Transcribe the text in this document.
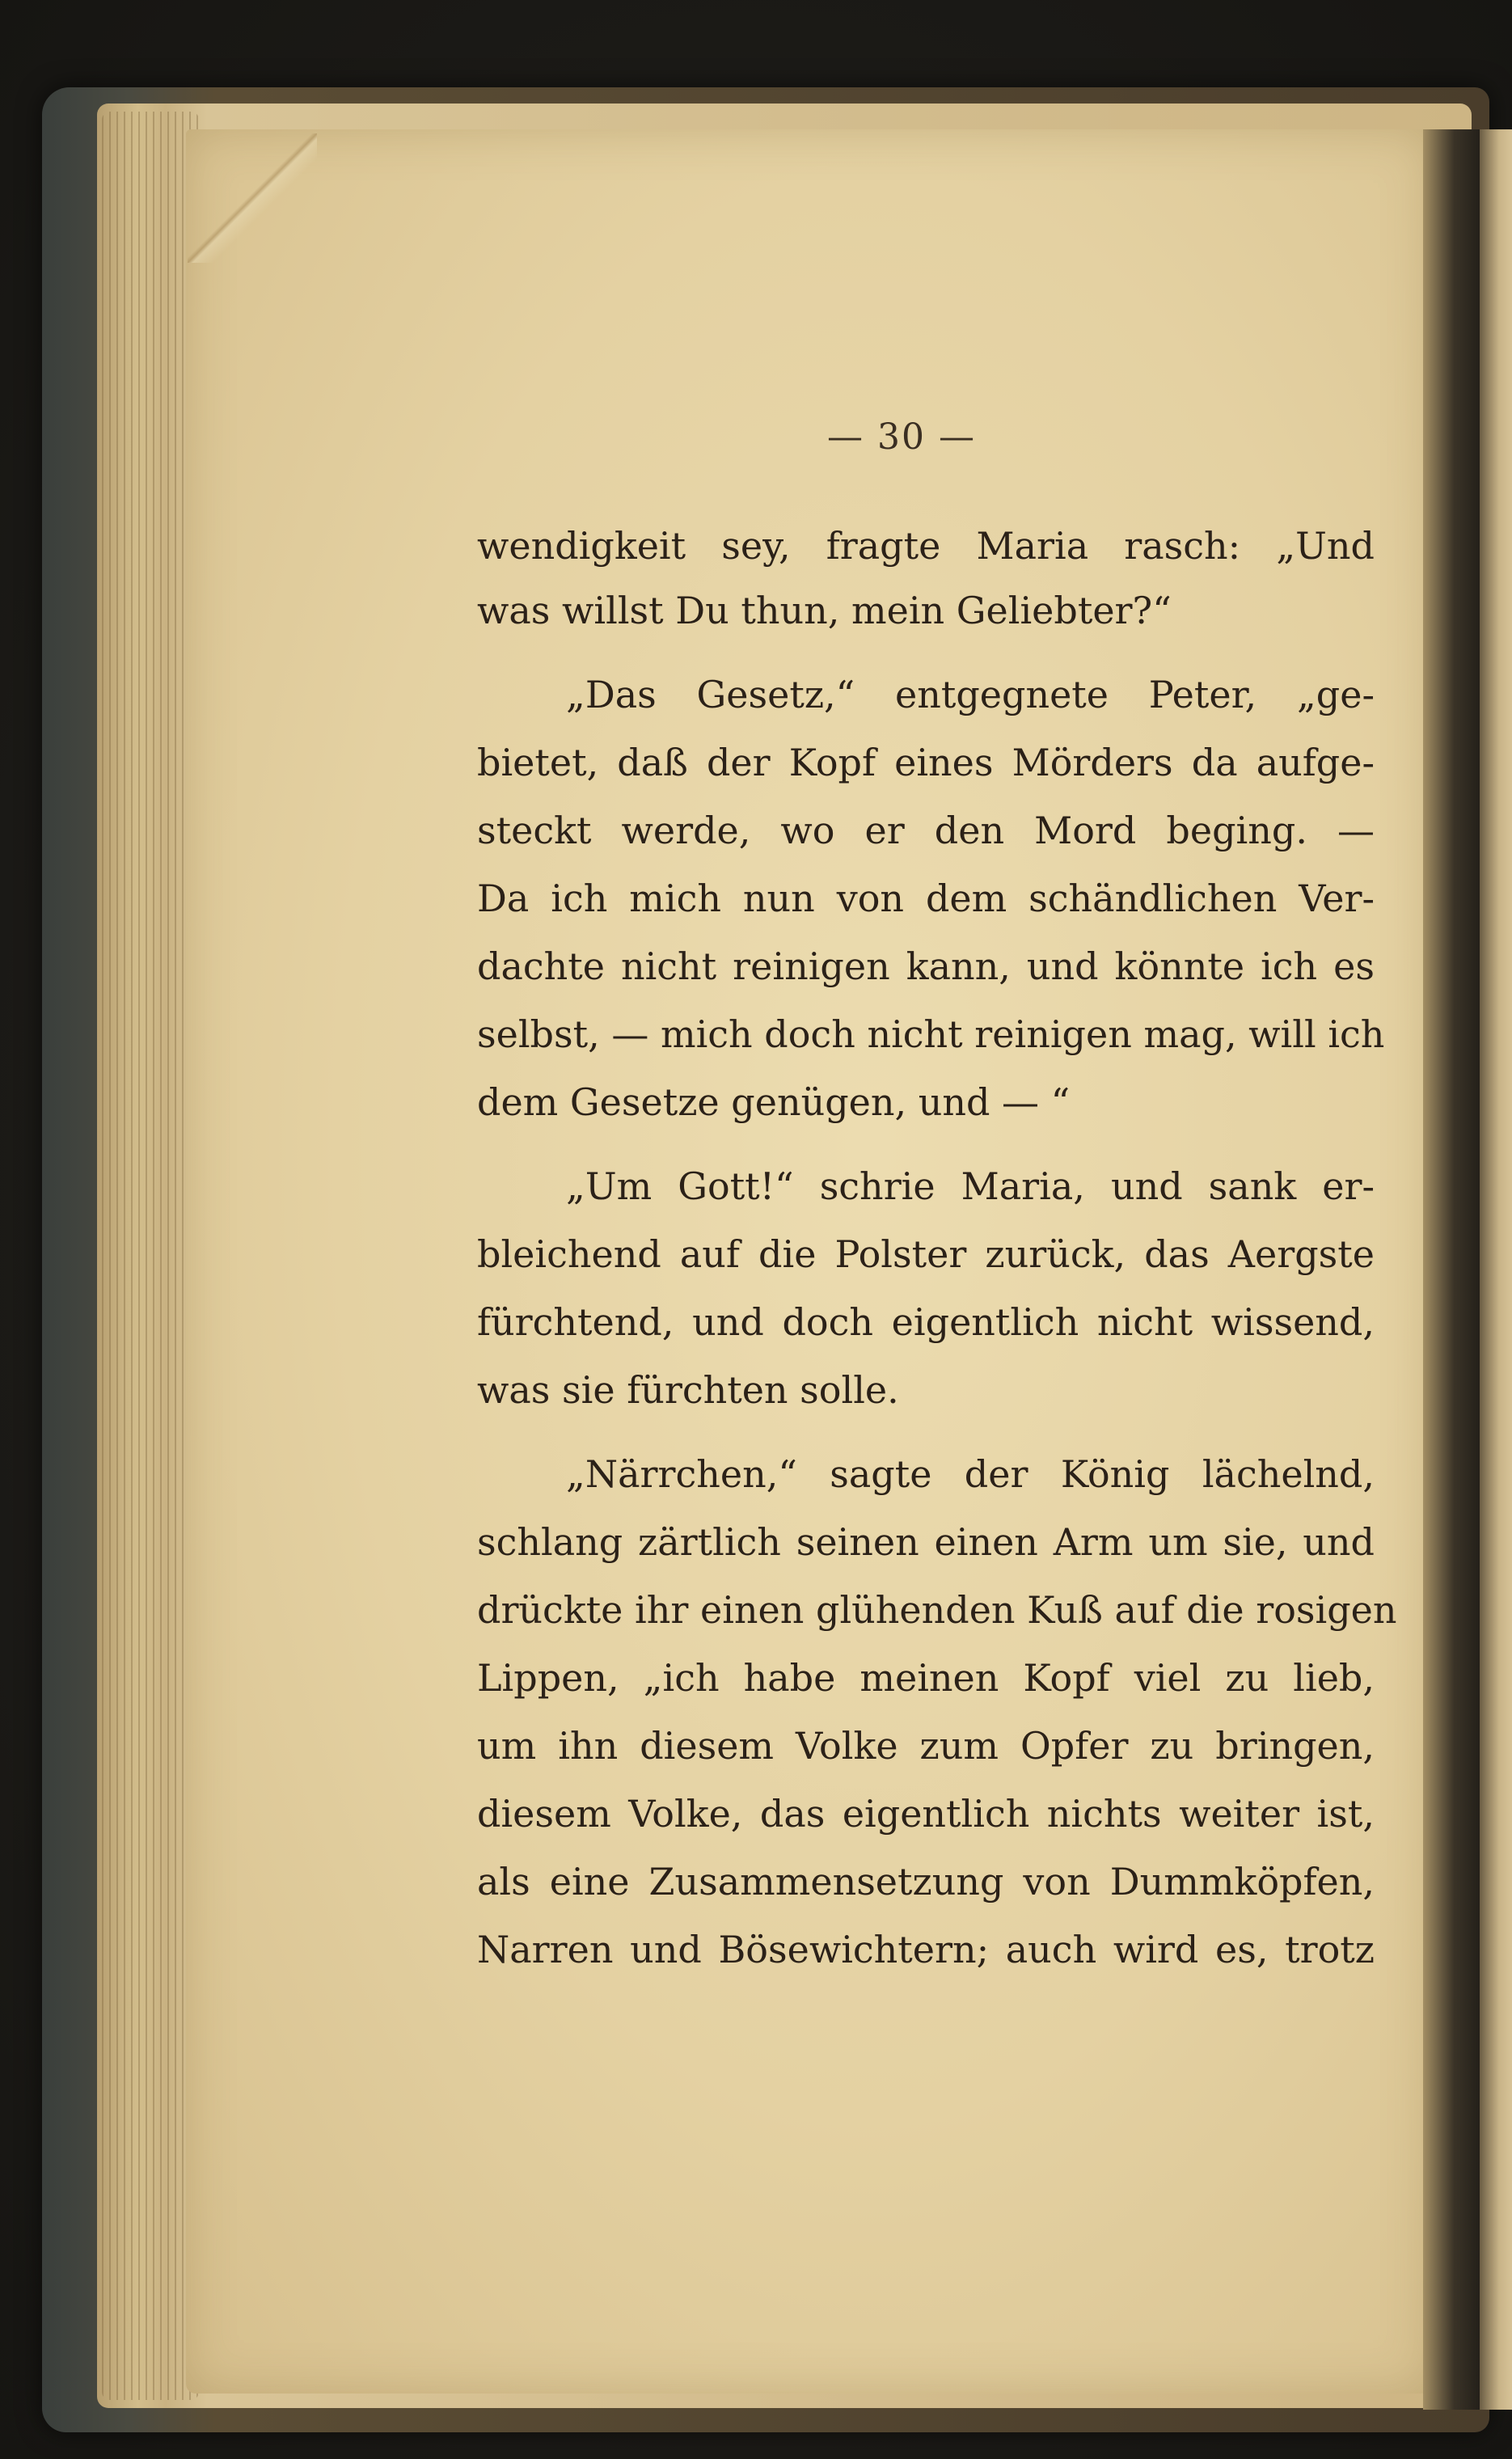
— 30 —
wendigkeit sey, fragte Maria rasch: „Und
was willst Du thun, mein Geliebter?“
„Das Gesetz,“ entgegnete Peter, „ge-
bietet, daß der Kopf eines Mörders da aufge-
steckt werde, wo er den Mord beging. —
Da ich mich nun von dem schändlichen Ver-
dachte nicht reinigen kann, und könnte ich es
selbst, — mich doch nicht reinigen mag, will ich
dem Gesetze genügen, und — “
„Um Gott!“ schrie Maria, und sank er-
bleichend auf die Polster zurück, das Aergste
fürchtend, und doch eigentlich nicht wissend,
was sie fürchten solle.
„Närrchen,“ sagte der König lächelnd,
schlang zärtlich seinen einen Arm um sie, und
drückte ihr einen glühenden Kuß auf die rosigen
Lippen, „ich habe meinen Kopf viel zu lieb,
um ihn diesem Volke zum Opfer zu bringen,
diesem Volke, das eigentlich nichts weiter ist,
als eine Zusammensetzung von Dummköpfen,
Narren und Bösewichtern; auch wird es, trotz
